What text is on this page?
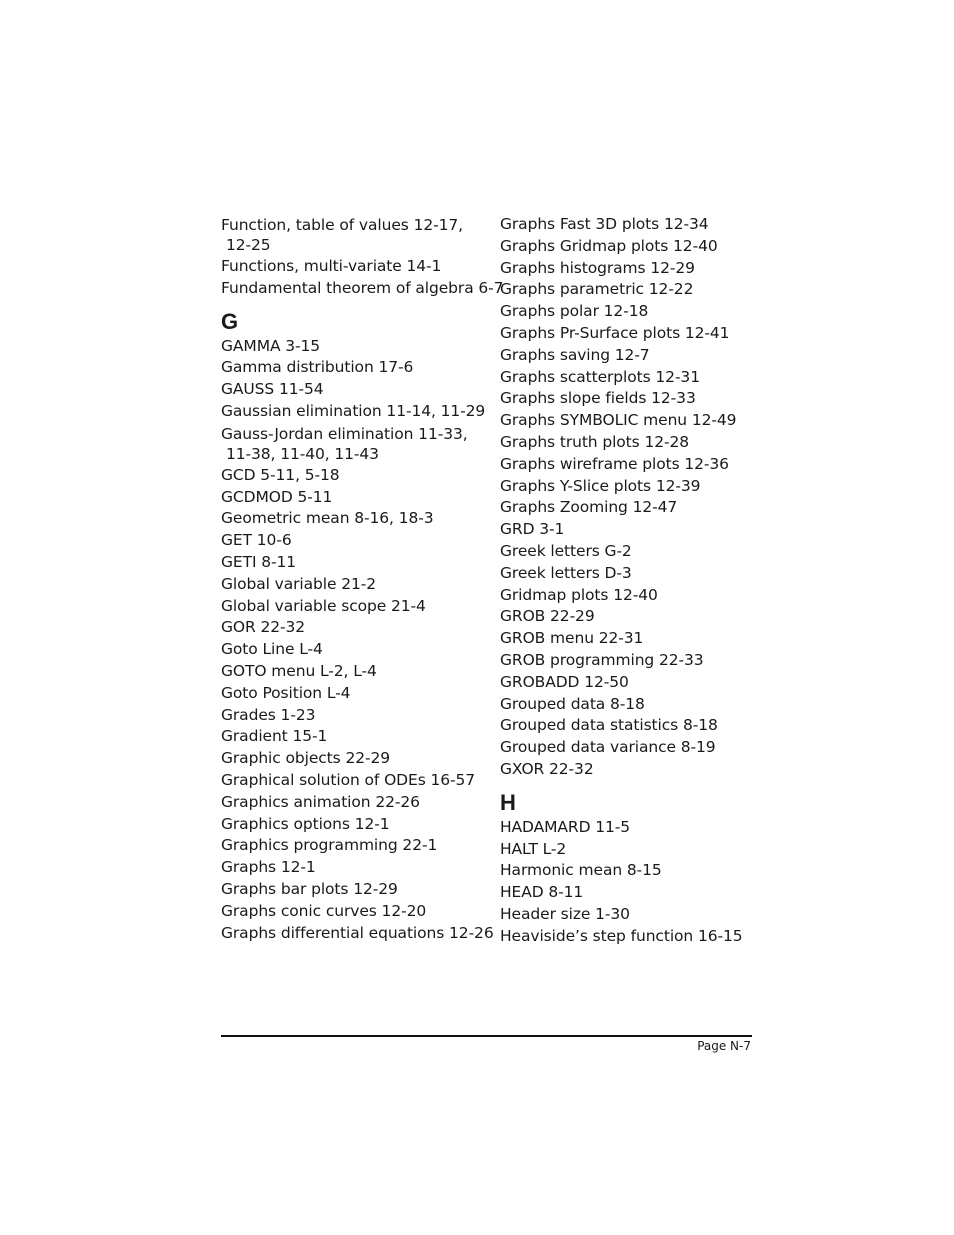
Function, table of values 12-17,
12-25
Functions, multi-variate 14-1
Fundamental theorem of algebra 6-7
G
GAMMA 3-15
Gamma distribution 17-6
GAUSS 11-54
Gaussian elimination 11-14, 11-29
Gauss-Jordan elimination 11-33,
11-38, 11-40, 11-43
GCD 5-11, 5-18
GCDMOD 5-11
Geometric mean 8-16, 18-3
GET 10-6
GETI 8-11
Global variable 21-2
Global variable scope 21-4
GOR 22-32
Goto Line L-4
GOTO menu L-2, L-4
Goto Position L-4
Grades 1-23
Gradient 15-1
Graphic objects 22-29
Graphical solution of ODEs 16-57
Graphics animation 22-26
Graphics options 12-1
Graphics programming 22-1
Graphs 12-1
Graphs bar plots 12-29
Graphs conic curves 12-20
Graphs differential equations 12-26
Graphs Fast 3D plots 12-34
Graphs Gridmap plots 12-40
Graphs histograms 12-29
Graphs parametric 12-22
Graphs polar 12-18
Graphs Pr-Surface plots 12-41
Graphs saving 12-7
Graphs scatterplots 12-31
Graphs slope fields 12-33
Graphs SYMBOLIC menu 12-49
Graphs truth plots 12-28
Graphs wireframe plots 12-36
Graphs Y-Slice plots 12-39
Graphs Zooming 12-47
GRD 3-1
Greek letters G-2
Greek letters D-3
Gridmap plots 12-40
GROB 22-29
GROB menu 22-31
GROB programming 22-33
GROBADD 12-50
Grouped data 8-18
Grouped data statistics 8-18
Grouped data variance 8-19
GXOR 22-32
H
HADAMARD 11-5
HALT L-2
Harmonic mean 8-15
HEAD 8-11
Header size 1-30
Heaviside’s step function 16-15
Page N-7
